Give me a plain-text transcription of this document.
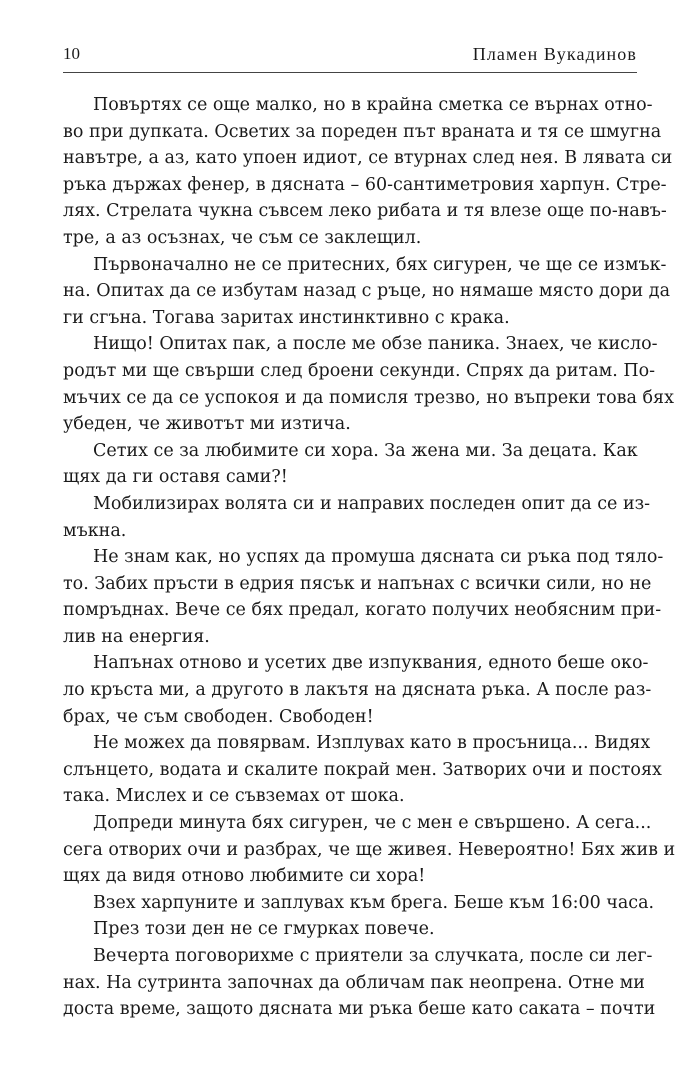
10	Пламен Вукадинов

Повъртях се още малко, но в крайна сметка се върнах отно-
во при дупката. Осветих за пореден път враната и тя се шмугна
навътре, а аз, като упоен идиот, се втурнах след нея. В лявата си
ръка държах фенер, в дясната – 60-сантиметровия харпун. Стре-
лях. Стрелата чукна съвсем леко рибата и тя влезе още по-навъ-
тре, а аз осъзнах, че съм се заклещил.

Първоначално не се притесних, бях сигурен, че ще се измък-
на. Опитах да се избутам назад с ръце, но нямаше място дори да
ги сгъна. Тогава заритах инстинктивно с крака.

Нищо! Опитах пак, а после ме обзе паника. Знаех, че кисло-
родът ми ще свърши след броени секунди. Спрях да ритам. По-
мъчих се да се успокоя и да помисля трезво, но въпреки това бях
убеден, че животът ми изтича.

Сетих се за любимите си хора. За жена ми. За децата. Как
щях да ги оставя сами?!

Мобилизирах волята си и направих последен опит да се из-
мъкна.

Не знам как, но успях да промуша дясната си ръка под тяло-
то. Забих пръсти в едрия пясък и напънах с всички сили, но не
помръднах. Вече се бях предал, когато получих необясним при-
лив на енергия.

Напънах отново и усетих две изпуквания, едното беше око-
ло кръста ми, а другото в лакътя на дясната ръка. А после раз-
брах, че съм свободен. Свободен!

Не можех да повярвам. Изплувах като в просъница... Видях
слънцето, водата и скалите покрай мен. Затворих очи и постоях
така. Мислех и се съвземах от шока.

Допреди минута бях сигурен, че с мен е свършено. А сега...
сега отворих очи и разбрах, че ще живея. Невероятно! Бях жив и
щях да видя отново любимите си хора!

Взех харпуните и заплувах към брега. Беше към 16:00 часа.

През този ден не се гмурках повече.

Вечерта поговорихме с приятели за случката, после си лег-
нах. На сутринта започнах да обличам пак неопрена. Отне ми
доста време, защото дясната ми ръка беше като саката – почти
